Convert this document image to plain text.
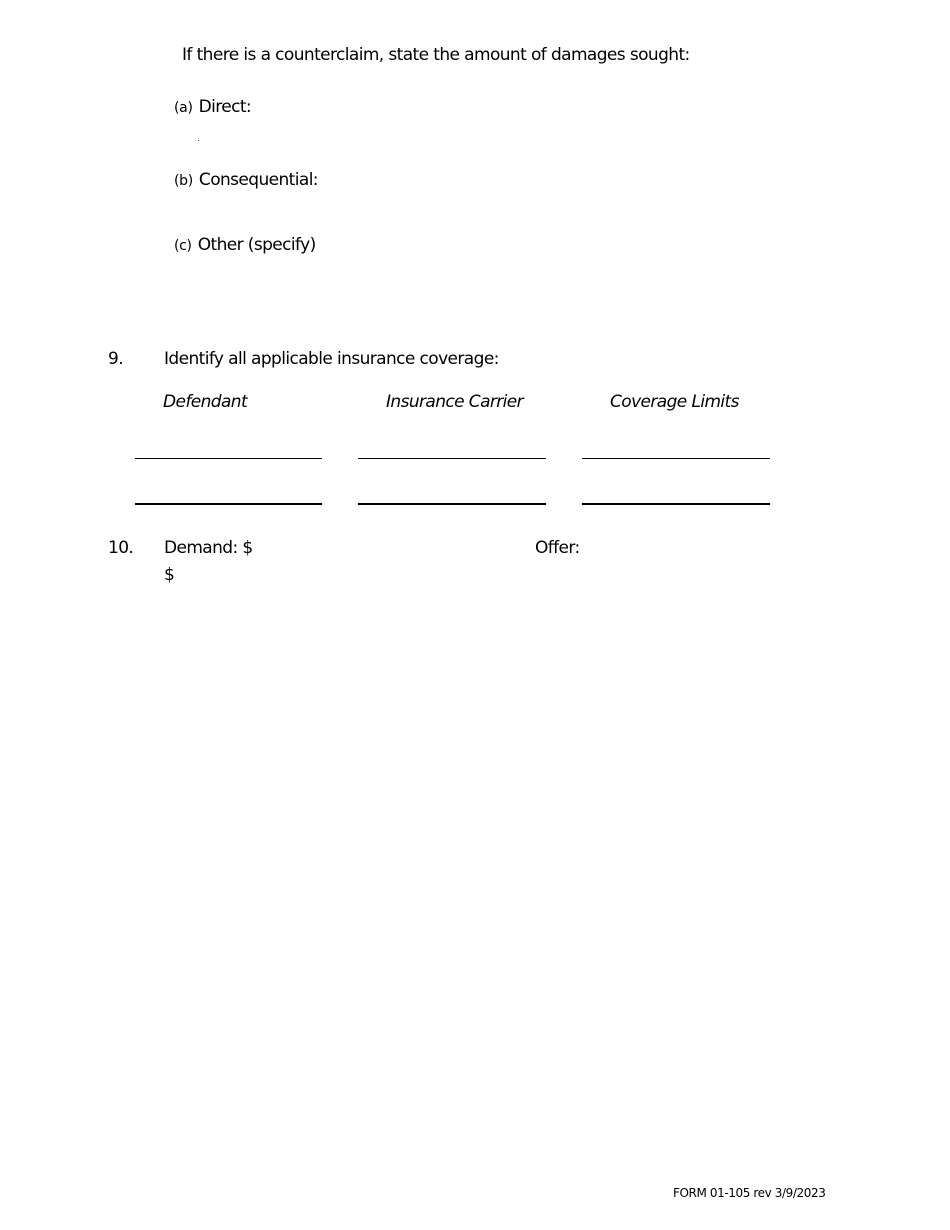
If there is a counterclaim, state the amount of damages sought:
(a) Direct:
(b) Consequential:
(c) Other (specify)
9. Identify all applicable insurance coverage:
Defendant	Insurance Carrier	Coverage Limits
10. Demand: $	Offer:
$
FORM 01-105 rev 3/9/2023
